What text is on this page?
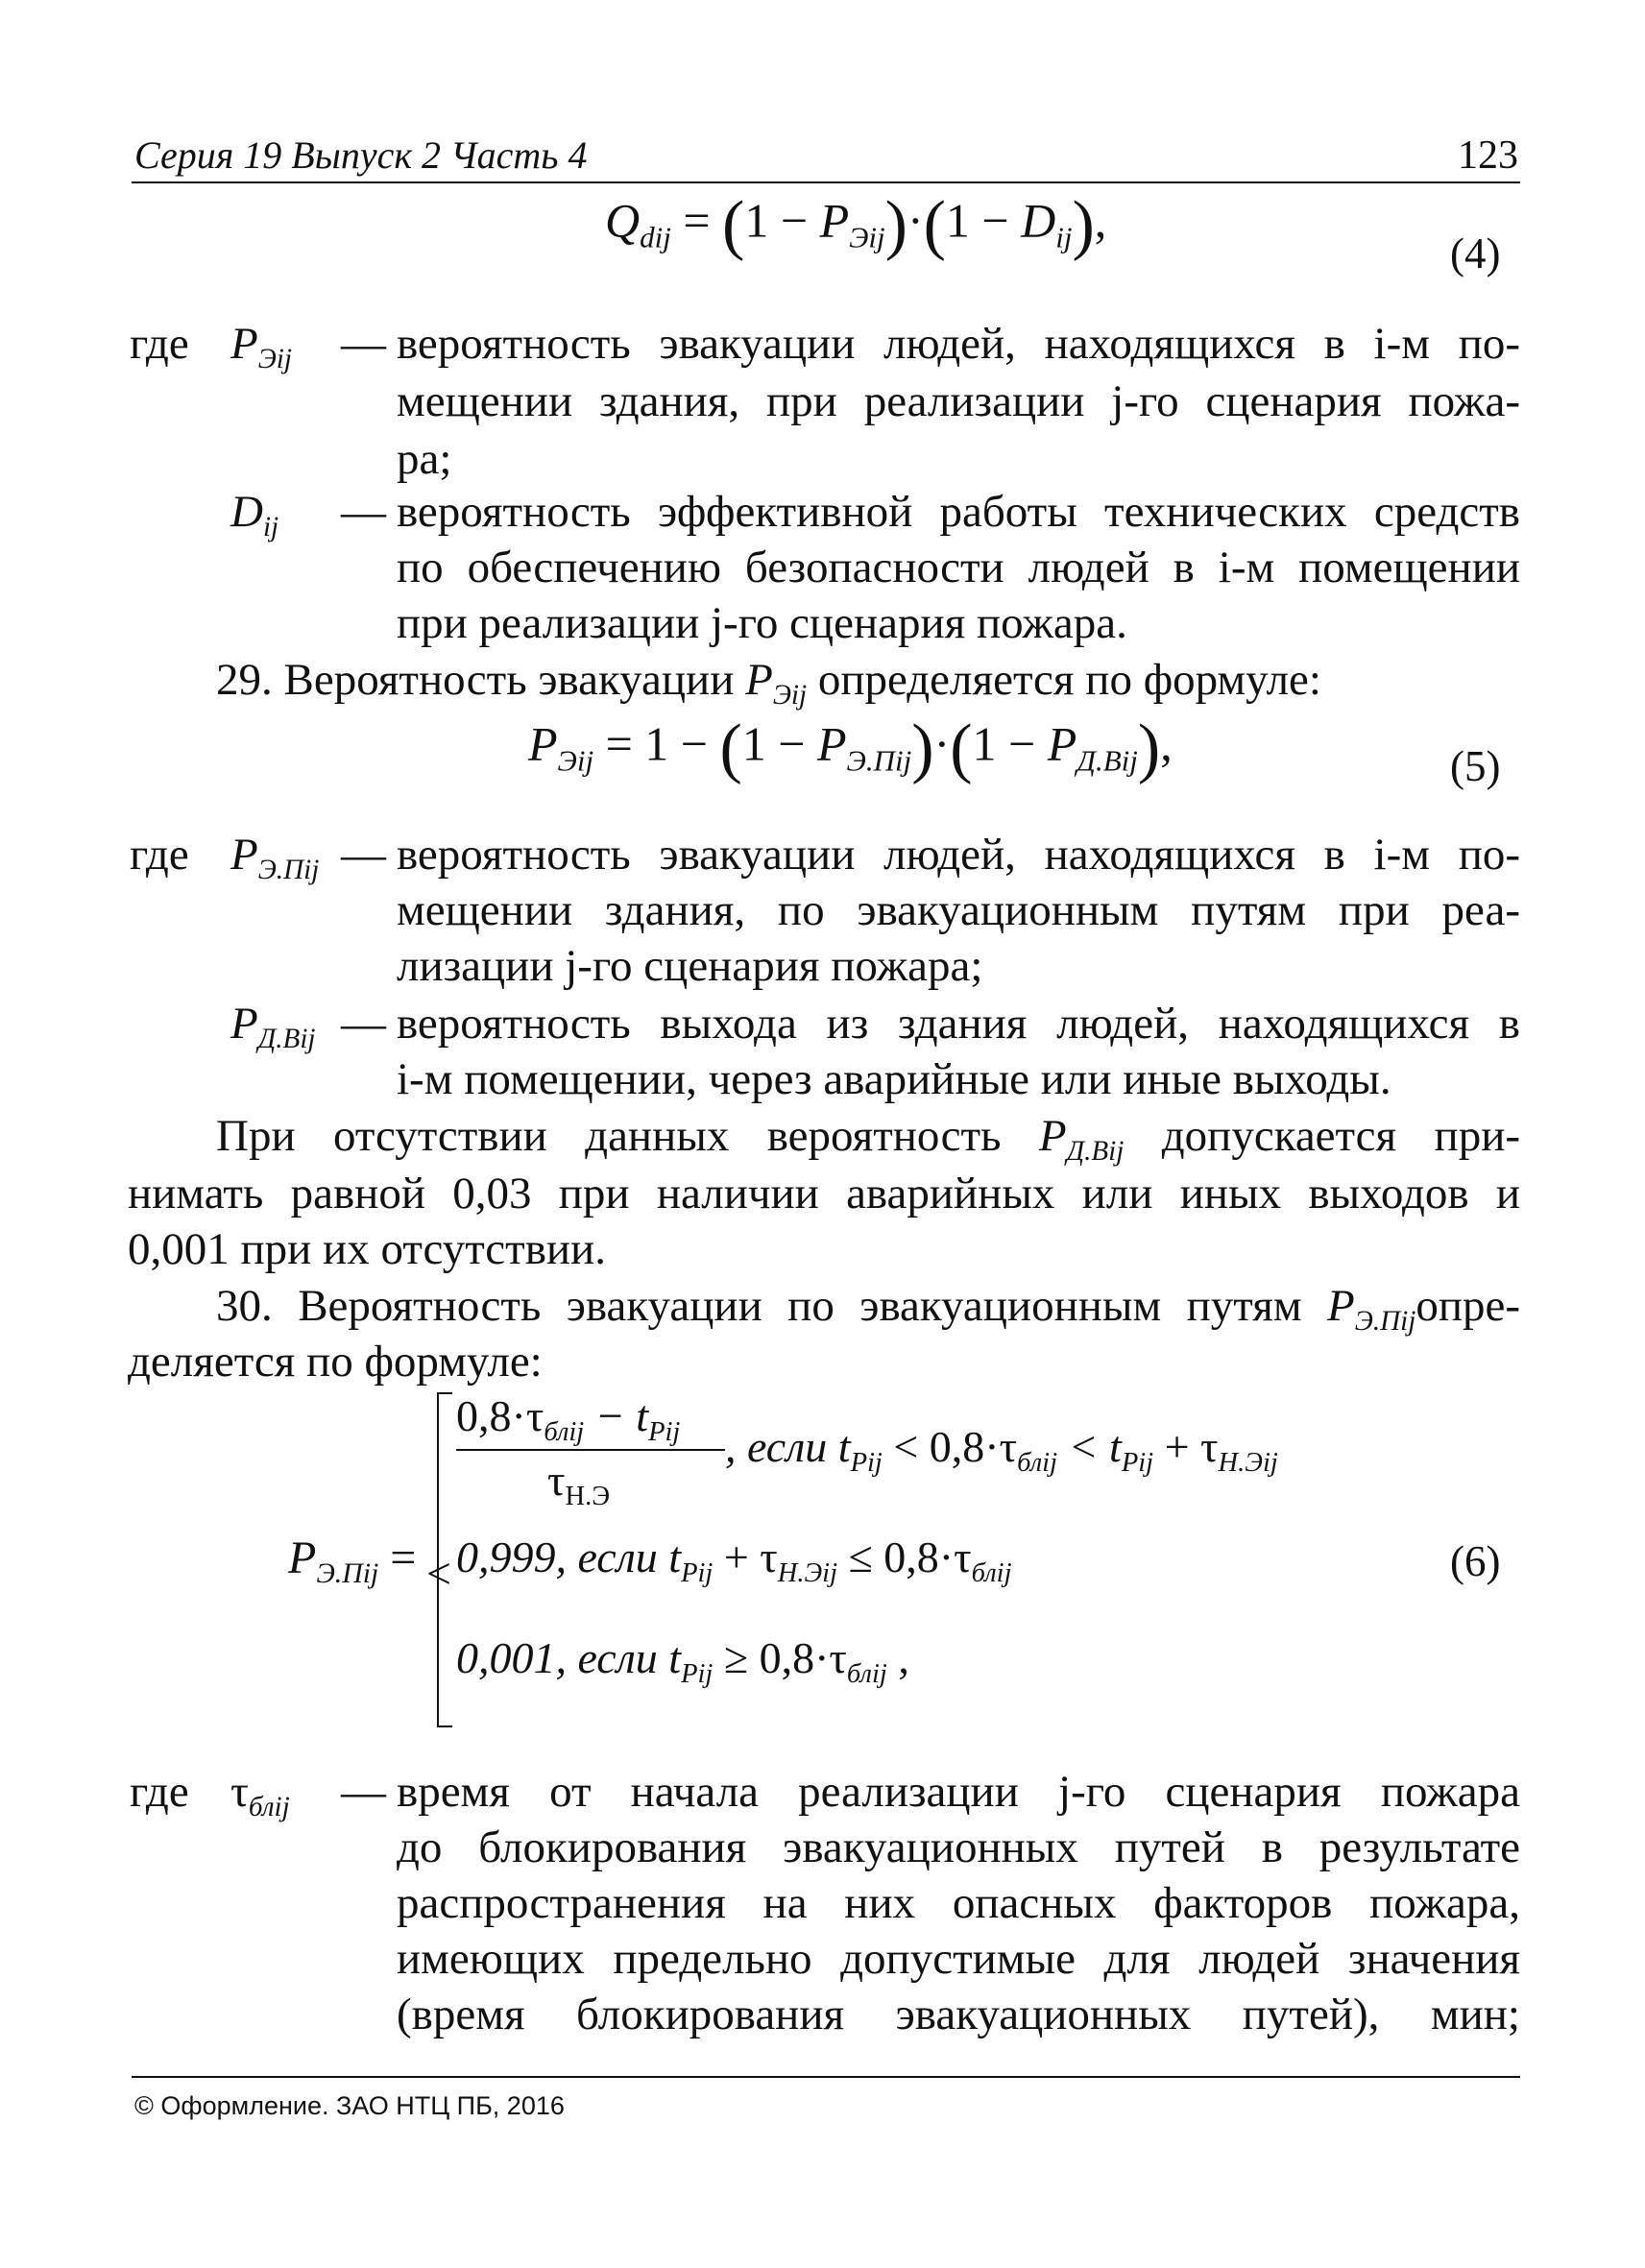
Серия 19 Выпуск 2 Часть 4	123
$Q_{dij} = (1 - P_{Эij})\cdot(1 - D_{ij})$,
(4)
где $P_{Эij}$ — вероятность эвакуации людей, находящихся в i-м по-
мещении здания, при реализации j-го сценария пожа-
ра;
$D_{ij}$ — вероятность эффективной работы технических средств
по обеспечению безопасности людей в i-м помещении
при реализации j-го сценария пожара.
29. Вероятность эвакуации $P_{Эij}$ определяется по формуле:
$P_{Эij} = 1 - (1 - P_{Э.Пij})\cdot(1 - P_{Д.Вij})$,	(5)
где $P_{Э.Пij}$ — вероятность эвакуации людей, находящихся в i-м по-
мещении здания, по эвакуационным путям при реа-
лизации j-го сценария пожара;
$P_{Д.Вij}$ — вероятность выхода из здания людей, находящихся в
i-м помещении, через аварийные или иные выходы.
При отсутствии данных вероятность $P_{Д.Вij}$ допускается при-
нимать равной 0,03 при наличии аварийных или иных выходов и
0,001 при их отсутствии.
30. Вероятность эвакуации по эвакуационным путям $P_{Э.Пij}опре-$
деляется по формуле:
$P_{Э.Пij}$ = <
$0,8\cdot\tau_{блij} - t_{Pij}$
$\tau_{Н.Э}$
, если $t_{Pij} < 0,8\cdot\tau_{блij} < t_{Pij} + \tau_{Н.Эij}$
0,999, если $t_{Pij} + \tau_{Н.Эij} \le 0,8\cdot\tau_{блij}$	(6)
0,001, если $t_{Pij} \ge 0,8\cdot\tau_{блij}$ ,
где $\tau_{блij}$ — время от начала реализации j-го сценария пожара
до блокирования эвакуационных путей в результате
распространения на них опасных факторов пожара,
имеющих предельно допустимые для людей значения
(время блокирования эвакуационных путей), мин;
© Оформление. ЗАО НТЦ ПБ, 2016
